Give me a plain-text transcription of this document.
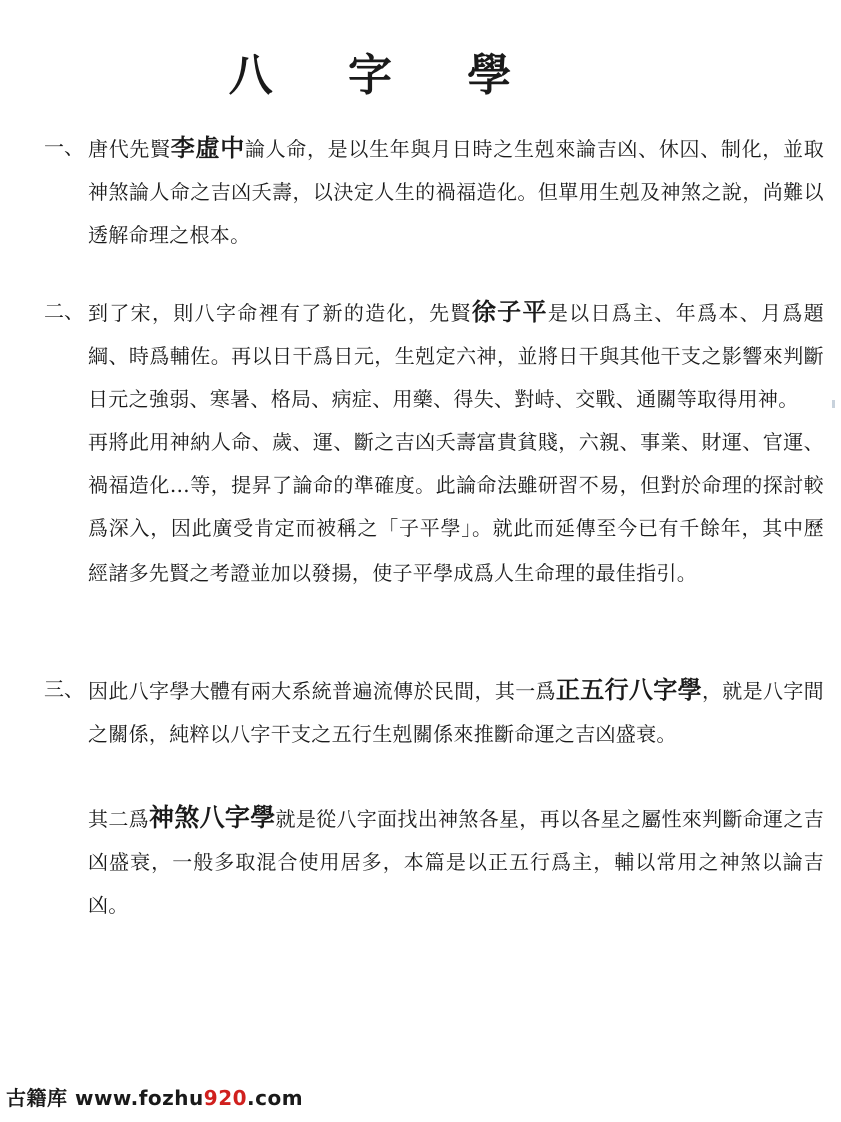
八 字 學
一、 唐代先賢李虛中論人命，是以生年與月日時之生剋來論吉凶、休囚、制化，並取神煞論人命之吉凶夭壽，以決定人生的禍福造化。但單用生剋及神煞之說，尚難以透解命理之根本。

二、 到了宋，則八字命裡有了新的造化，先賢徐子平是以日爲主、年爲本、月爲題綱、時爲輔佐。再以日干爲日元，生剋定六神，並將日干與其他干支之影響來判斷日元之強弱、寒暑、格局、病症、用藥、得失、對峙、交戰、通關等取得用神。

再將此用神納人命、歲、運、斷之吉凶夭壽富貴貧賤，六親、事業、財運、官運、禍福造化…等，提昇了論命的準確度。此論命法雖研習不易，但對於命理的探討較爲深入，因此廣受肯定而被稱之「子平學」。就此而延傳至今已有千餘年，其中歷經諸多先賢之考證並加以發揚，使子平學成爲人生命理的最佳指引。

三、 因此八字學大體有兩大系統普遍流傳於民間，其一爲正五行八字學，就是八字間之關係，純粹以八字干支之五行生剋關係來推斷命運之吉凶盛衰。

其二爲神煞八字學就是從八字面找出神煞各星，再以各星之屬性來判斷命運之吉凶盛衰，一般多取混合使用居多，本篇是以正五行爲主，輔以常用之神煞以論吉凶。

古籍库 www.fozhu920.com
